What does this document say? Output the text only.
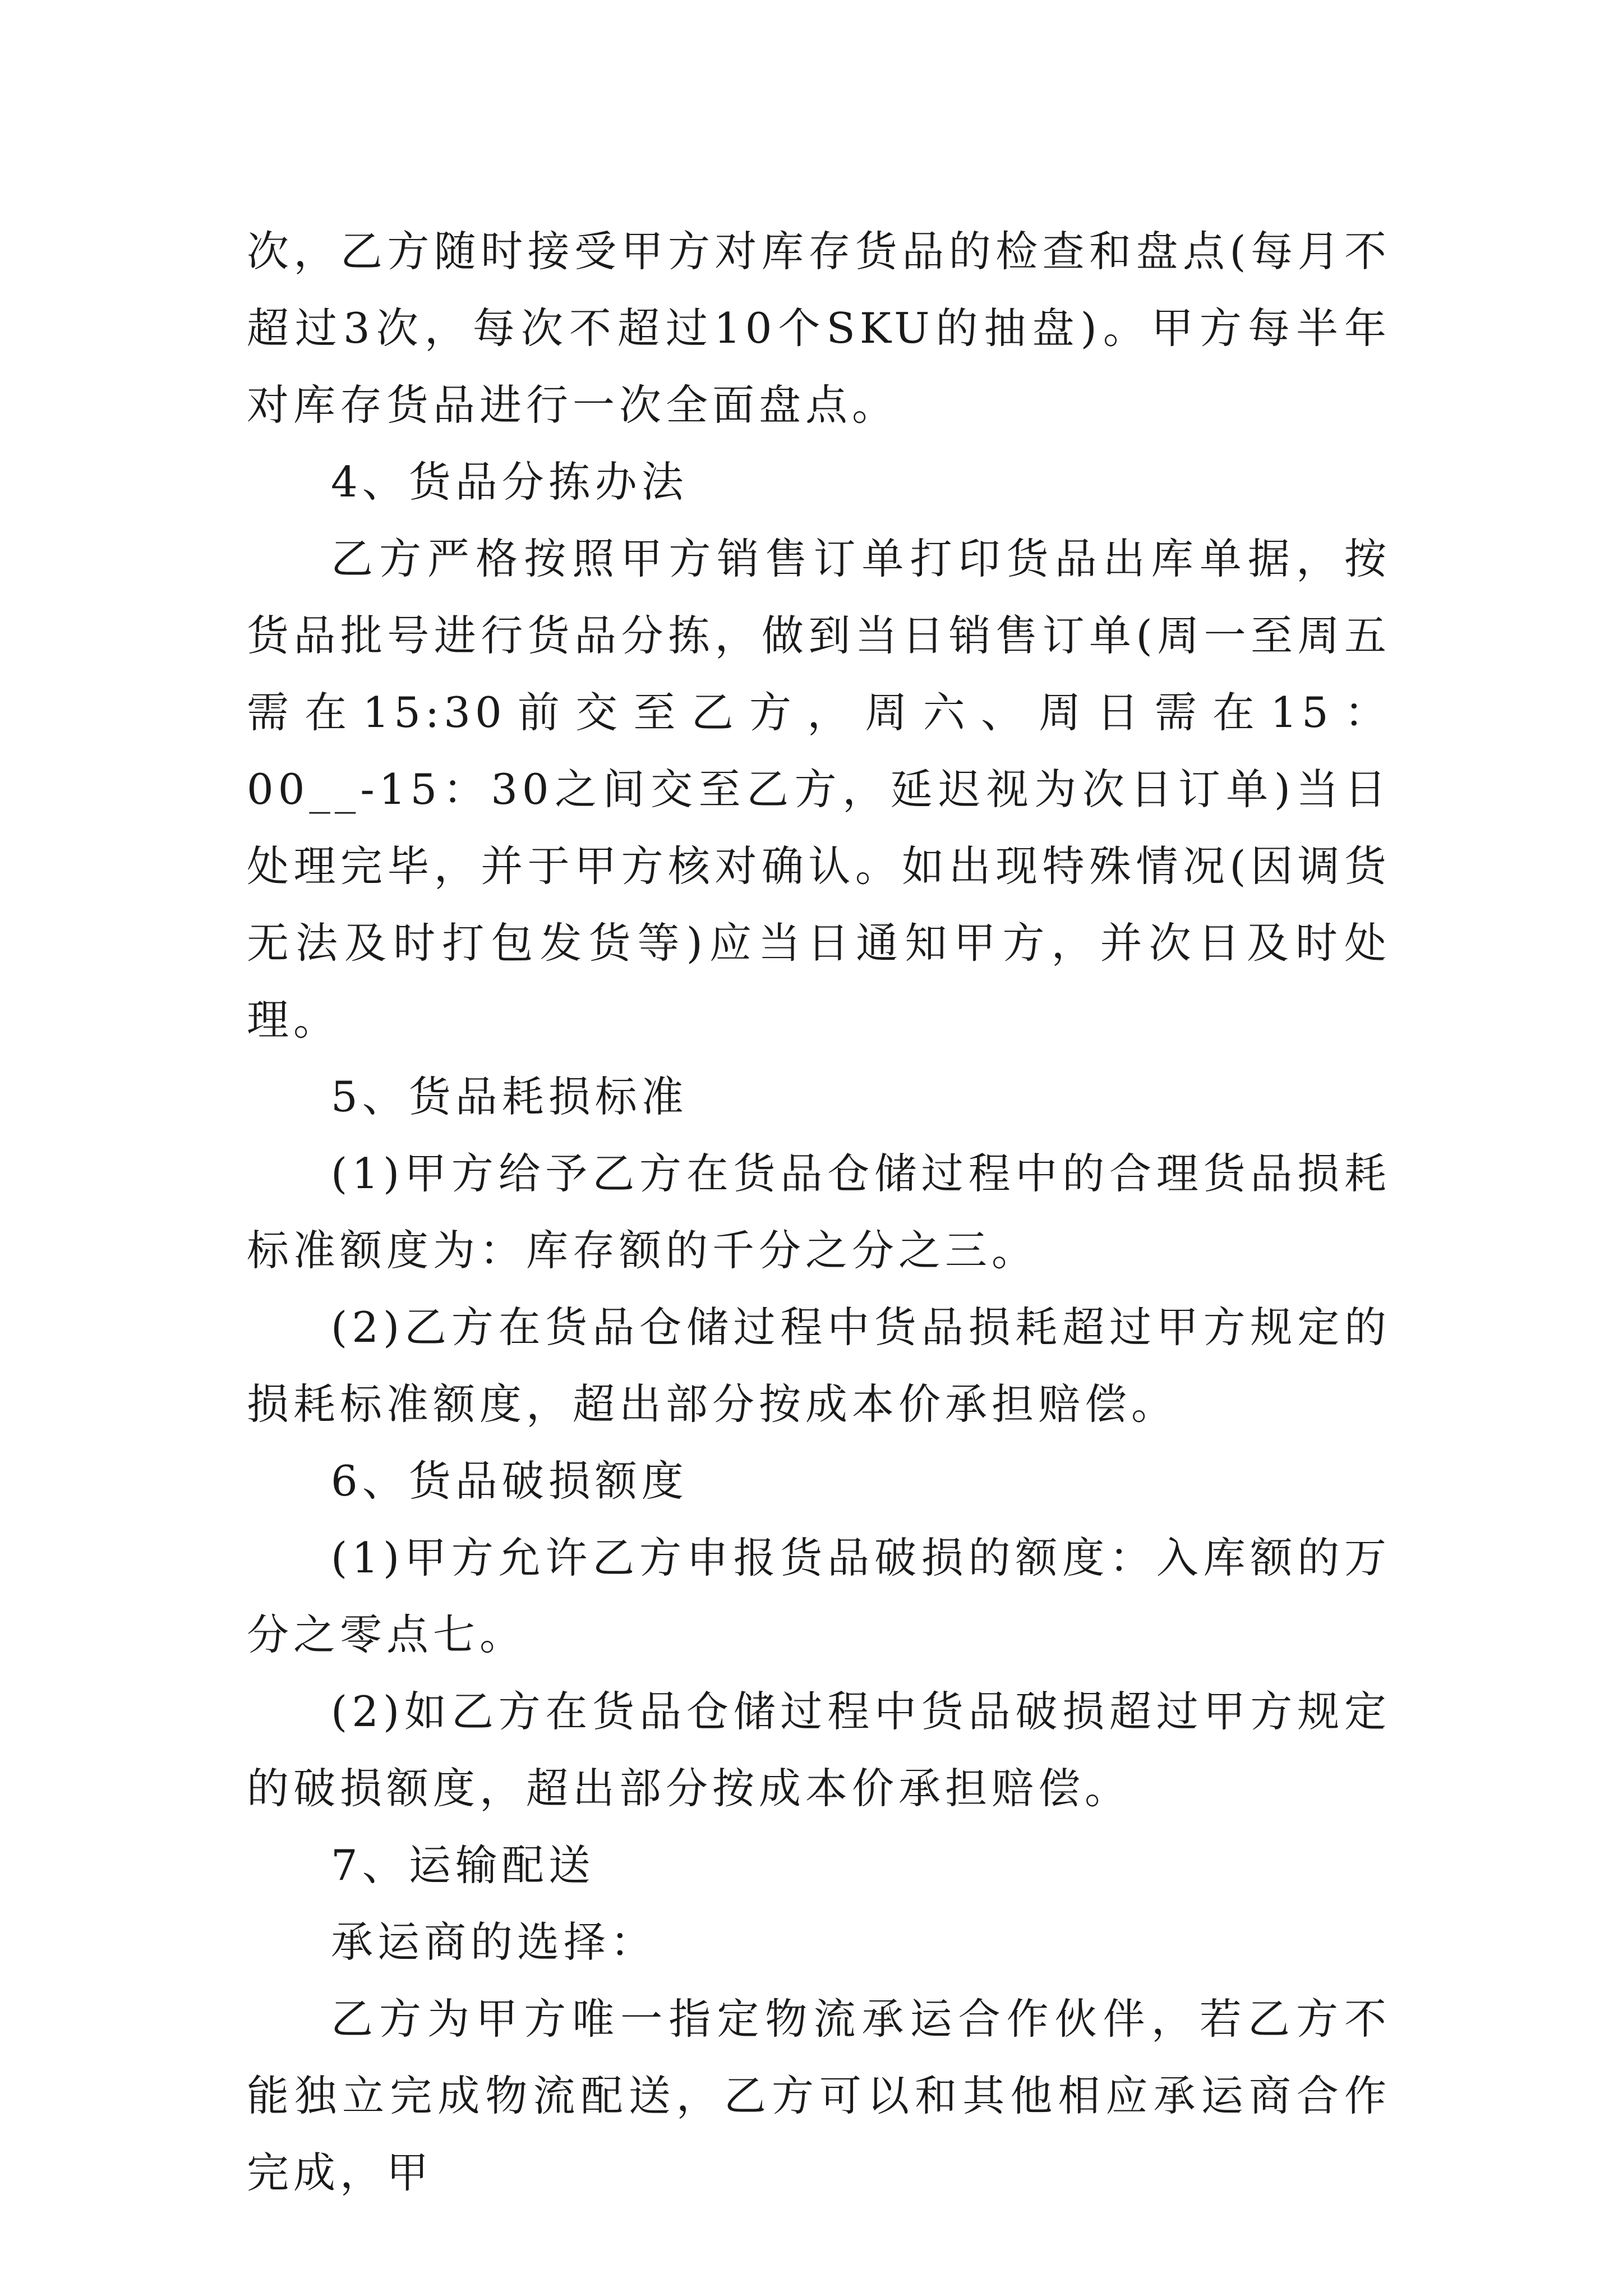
次，乙方随时接受甲方对库存货品的检查和盘点(每月不超过3次，每次不超过10个SKU的抽盘)。甲方每半年对库存货品进行一次全面盘点。

4、货品分拣办法

乙方严格按照甲方销售订单打印货品出库单据，按货品批号进行货品分拣，做到当日销售订单(周一至周五需在15:30前交至乙方，周六、周日需在15：00__-15：30之间交至乙方，延迟视为次日订单)当日处理完毕，并于甲方核对确认。如出现特殊情况(因调货无法及时打包发货等)应当日通知甲方，并次日及时处理。

5、货品耗损标准

(1)甲方给予乙方在货品仓储过程中的合理货品损耗标准额度为：库存额的千分之分之三。

(2)乙方在货品仓储过程中货品损耗超过甲方规定的损耗标准额度，超出部分按成本价承担赔偿。

6、货品破损额度

(1)甲方允许乙方申报货品破损的额度：入库额的万分之零点七。

(2)如乙方在货品仓储过程中货品破损超过甲方规定的破损额度，超出部分按成本价承担赔偿。

7、运输配送

承运商的选择：

乙方为甲方唯一指定物流承运合作伙伴，若乙方不能独立完成物流配送，乙方可以和其他相应承运商合作完成，甲
